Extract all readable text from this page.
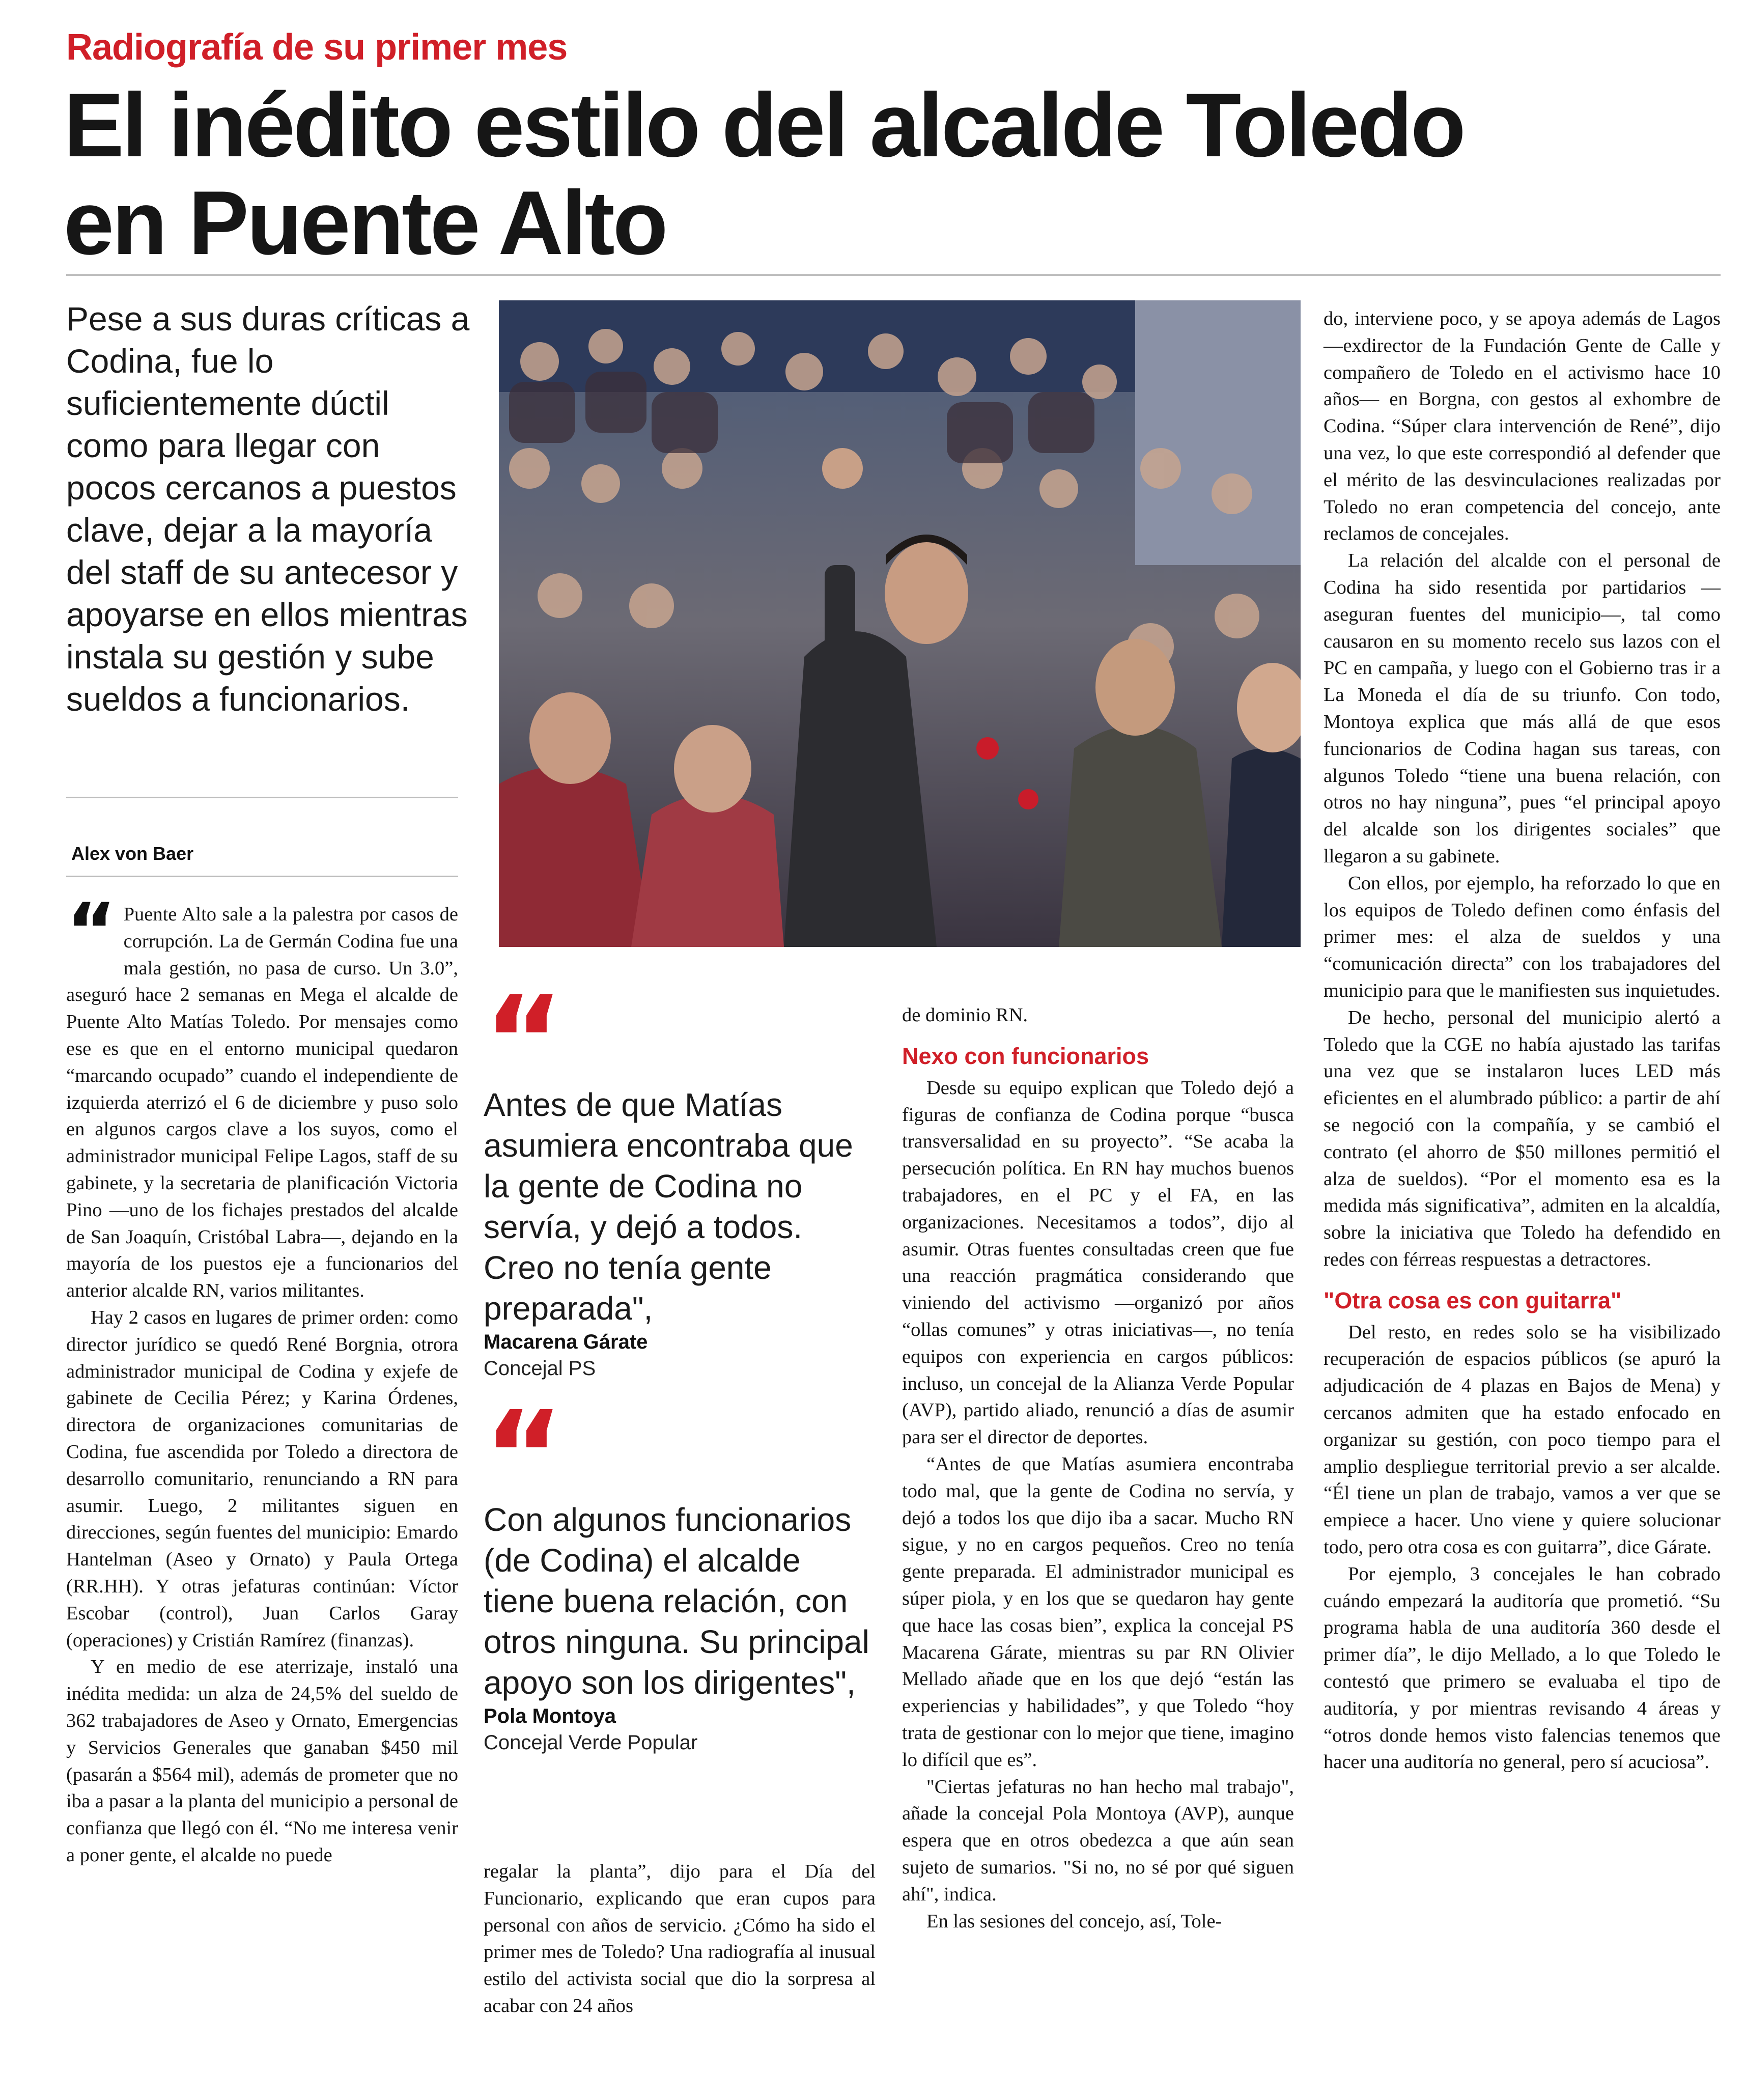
Radiografía de su primer mes
El inédito estilo del alcalde Toledo
en Puente Alto
Pese a sus duras críticas a Codina, fue lo suficientemente dúctil como para llegar con pocos cercanos a puestos clave, dejar a la mayoría del staff de su antecesor y apoyarse en ellos mientras instala su gestión y sube sueldos a funcionarios.
Alex von Baer

“ Puente Alto sale a la palestra por casos de corrupción. La de Germán Codina fue una mala gestión, no pasa de curso. Un 3.0”, aseguró hace 2 semanas en Mega el alcalde de Puente Alto Matías Toledo. Por mensajes como ese es que en el entorno municipal quedaron “marcando ocupado” cuando el independiente de izquierda aterrizó el 6 de diciembre y puso solo en algunos cargos clave a los suyos, como el administrador municipal Felipe Lagos, staff de su gabinete, y la secretaria de planificación Victoria Pino —uno de los fichajes prestados del alcalde de San Joaquín, Cristóbal Labra—, dejando en la mayoría de los puestos eje a funcionarios del anterior alcalde RN, varios militantes.

Hay 2 casos en lugares de primer orden: como director jurídico se quedó René Borgnia, otrora administrador municipal de Codina y exjefe de gabinete de Cecilia Pérez; y Karina Órdenes, directora de organizaciones comunitarias de Codina, fue ascendida por Toledo a directora de desarrollo comunitario, renunciando a RN para asumir. Luego, 2 militantes siguen en direcciones, según fuentes del municipio: Emardo Hantelman (Aseo y Ornato) y Paula Ortega (RR.HH). Y otras jefaturas continúan: Víctor Escobar (control), Juan Carlos Garay (operaciones) y Cristián Ramírez (finanzas).

Y en medio de ese aterrizaje, instaló una inédita medida: un alza de 24,5% del sueldo de 362 trabajadores de Aseo y Ornato, Emergencias y Servicios Generales que ganaban $450 mil (pasarán a $564 mil), además de prometer que no iba a pasar a la planta del municipio a personal de confianza que llegó con él. “No me interesa venir a poner gente, el alcalde no puede

“
Antes de que Matías asumiera encontraba que la gente de Codina no servía, y dejó a todos. Creo no tenía gente preparada",
Macarena Gárate
Concejal PS
“
Con algunos funcionarios (de Codina) el alcalde tiene buena relación, con otros ninguna. Su principal apoyo son los dirigentes",
Pola Montoya
Concejal Verde Popular

regalar la planta”, dijo para el Día del Funcionario, explicando que eran cupos para personal con años de servicio. ¿Cómo ha sido el primer mes de Toledo? Una radiografía al inusual estilo del activista social que dio la sorpresa al acabar con 24 años

de dominio RN.

Nexo con funcionarios

Desde su equipo explican que Toledo dejó a figuras de confianza de Codina porque “busca transversalidad en su proyecto”. “Se acaba la persecución política. En RN hay muchos buenos trabajadores, en el PC y el FA, en las organizaciones. Necesitamos a todos”, dijo al asumir. Otras fuentes consultadas creen que fue una reacción pragmática considerando que viniendo del activismo —organizó por años “ollas comunes” y otras iniciativas—, no tenía equipos con experiencia en cargos públicos: incluso, un concejal de la Alianza Verde Popular (AVP), partido aliado, renunció a días de asumir para ser el director de deportes.

“Antes de que Matías asumiera encontraba todo mal, que la gente de Codina no servía, y dejó a todos los que dijo iba a sacar. Mucho RN sigue, y no en cargos pequeños. Creo no tenía gente preparada. El administrador municipal es súper piola, y en los que se quedaron hay gente que hace las cosas bien”, explica la concejal PS Macarena Gárate, mientras su par RN Olivier Mellado añade que en los que dejó “están las experiencias y habilidades”, y que Toledo “hoy trata de gestionar con lo mejor que tiene, imagino lo difícil que es”.

"Ciertas jefaturas no han hecho mal trabajo", añade la concejal Pola Montoya (AVP), aunque espera que en otros obedezca a que aún sean sujeto de sumarios. "Si no, no sé por qué siguen ahí", indica.

En las sesiones del concejo, así, Tole-

do, interviene poco, y se apoya además de Lagos —exdirector de la Fundación Gente de Calle y compañero de Toledo en el activismo hace 10 años— en Borgna, con gestos al exhombre de Codina. “Súper clara intervención de René”, dijo una vez, lo que este correspondió al defender que el mérito de las desvinculaciones realizadas por Toledo no eran competencia del concejo, ante reclamos de concejales.

La relación del alcalde con el personal de Codina ha sido resentida por partidarios —aseguran fuentes del municipio—, tal como causaron en su momento recelo sus lazos con el PC en campaña, y luego con el Gobierno tras ir a La Moneda el día de su triunfo. Con todo, Montoya explica que más allá de que esos funcionarios de Codina hagan sus tareas, con algunos Toledo “tiene una buena relación, con otros no hay ninguna”, pues “el principal apoyo del alcalde son los dirigentes sociales” que llegaron a su gabinete.

Con ellos, por ejemplo, ha reforzado lo que en los equipos de Toledo definen como énfasis del primer mes: el alza de sueldos y una “comunicación directa” con los trabajadores del municipio para que le manifiesten sus inquietudes.

De hecho, personal del municipio alertó a Toledo que la CGE no había ajustado las tarifas una vez que se instalaron luces LED más eficientes en el alumbrado público: a partir de ahí se negoció con la compañía, y se cambió el contrato (el ahorro de $50 millones permitió el alza de sueldos). “Por el momento esa es la medida más significativa”, admiten en la alcaldía, sobre la iniciativa que Toledo ha defendido en redes con férreas respuestas a detractores.

"Otra cosa es con guitarra"

Del resto, en redes solo se ha visibilizado recuperación de espacios públicos (se apuró la adjudicación de 4 plazas en Bajos de Mena) y cercanos admiten que ha estado enfocado en organizar su gestión, con poco tiempo para el amplio despliegue territorial previo a ser alcalde. “Él tiene un plan de trabajo, vamos a ver que se empiece a hacer. Uno viene y quiere solucionar todo, pero otra cosa es con guitarra”, dice Gárate.

Por ejemplo, 3 concejales le han cobrado cuándo empezará la auditoría que prometió. “Su programa habla de una auditoría 360 desde el primer día”, le dijo Mellado, a lo que Toledo le contestó que primero se evaluaba el tipo de auditoría, y por mientras revisando 4 áreas y “otros donde hemos visto falencias tenemos que hacer una auditoría no general, pero sí acuciosa”.
